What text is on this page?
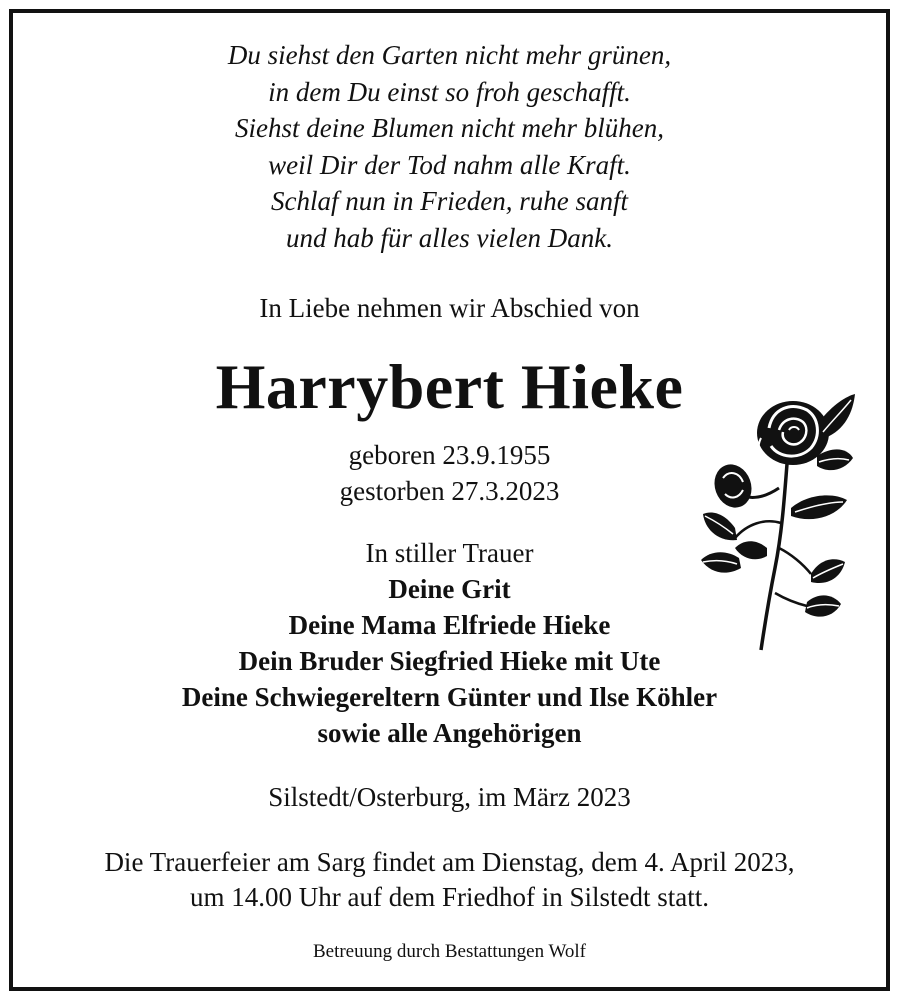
Du siehst den Garten nicht mehr grünen,
in dem Du einst so froh geschafft.
Siehst deine Blumen nicht mehr blühen,
weil Dir der Tod nahm alle Kraft.
Schlaf nun in Frieden, ruhe sanft
und hab für alles vielen Dank.
In Liebe nehmen wir Abschied von
Harrybert Hieke
geboren 23.9.1955
gestorben 27.3.2023
In stiller Trauer
Deine Grit
Deine Mama Elfriede Hieke
Dein Bruder Siegfried Hieke mit Ute
Deine Schwiegereltern Günter und Ilse Köhler
sowie alle Angehörigen
Silstedt/Osterburg, im März 2023
Die Trauerfeier am Sarg findet am Dienstag, dem 4. April 2023,
um 14.00 Uhr auf dem Friedhof in Silstedt statt.
Betreuung durch Bestattungen Wolf
